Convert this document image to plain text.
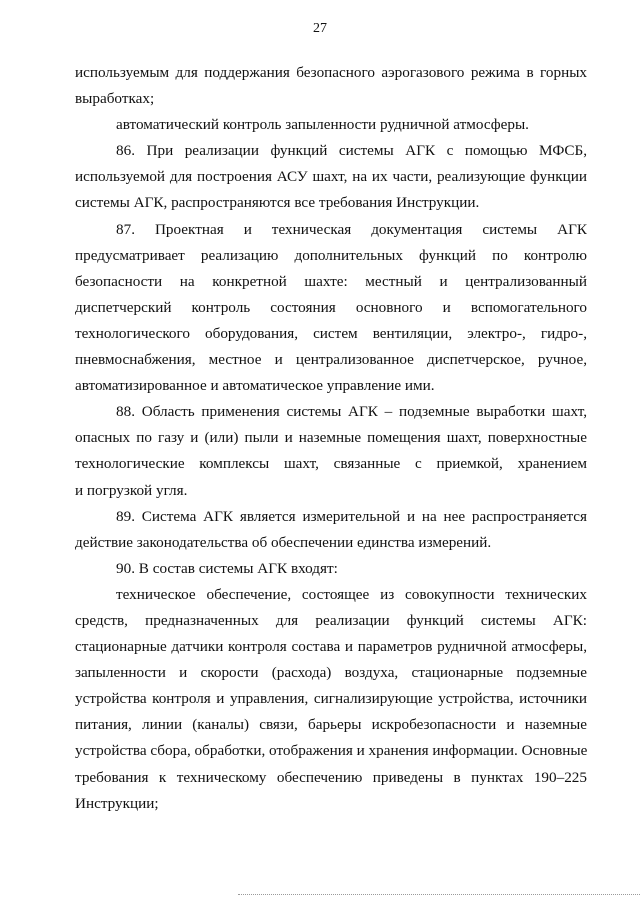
27
используемым для поддержания безопасного аэрогазового режима в горных
выработках;
автоматический контроль запыленности рудничной атмосферы.
86. При реализации функций системы АГК с помощью МФСБ,
используемой для построения АСУ шахт, на их части, реализующие функции
системы АГК, распространяются все требования Инструкции.
87. Проектная и техническая документация системы АГК
предусматривает реализацию дополнительных функций по контролю
безопасности на конкретной шахте: местный и централизованный
диспетчерский контроль состояния основного и вспомогательного
технологического оборудования, систем вентиляции, электро-, гидро-,
пневмоснабжения, местное и централизованное диспетчерское, ручное,
автоматизированное и автоматическое управление ими.
88. Область применения системы АГК – подземные выработки шахт,
опасных по газу и (или) пыли и наземные помещения шахт, поверхностные
технологические комплексы шахт, связанные с приемкой, хранением
и погрузкой угля.
89. Система АГК является измерительной и на нее распространяется
действие законодательства об обеспечении единства измерений.
90. В состав системы АГК входят:
техническое обеспечение, состоящее из совокупности технических
средств, предназначенных для реализации функций системы АГК:
стационарные датчики контроля состава и параметров рудничной атмосферы,
запыленности и скорости (расхода) воздуха, стационарные подземные
устройства контроля и управления, сигнализирующие устройства, источники
питания, линии (каналы) связи, барьеры искробезопасности и наземные
устройства сбора, обработки, отображения и хранения информации. Основные
требования к техническому обеспечению приведены в пунктах 190–225
Инструкции;
